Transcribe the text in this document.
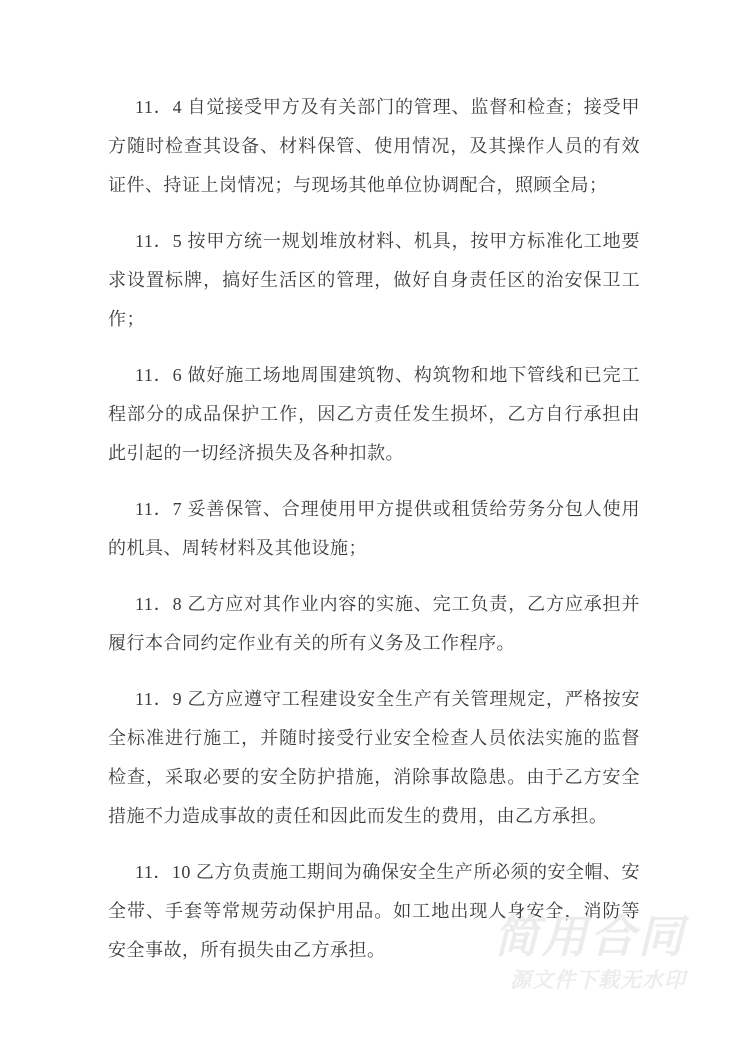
11．4 自觉接受甲方及有关部门的管理、监督和检查；接受甲方随时检查其设备、材料保管、使用情况，及其操作人员的有效证件、持证上岗情况；与现场其他单位协调配合，照顾全局；

11．5 按甲方统一规划堆放材料、机具，按甲方标准化工地要求设置标牌，搞好生活区的管理，做好自身责任区的治安保卫工作；

11．6 做好施工场地周围建筑物、构筑物和地下管线和已完工程部分的成品保护工作，因乙方责任发生损坏，乙方自行承担由此引起的一切经济损失及各种扣款。

11．7 妥善保管、合理使用甲方提供或租赁给劳务分包人使用的机具、周转材料及其他设施；

11．8 乙方应对其作业内容的实施、完工负责，乙方应承担并履行本合同约定作业有关的所有义务及工作程序。

11．9 乙方应遵守工程建设安全生产有关管理规定，严格按安全标准进行施工，并随时接受行业安全检查人员依法实施的监督检查，采取必要的安全防护措施，消除事故隐患。由于乙方安全措施不力造成事故的责任和因此而发生的费用，由乙方承担。

11．10 乙方负责施工期间为确保安全生产所必须的安全帽、安全带、手套等常规劳动保护用品。如工地出现人身安全，消防等安全事故，所有损失由乙方承担。	简用合同
源文件下载无水印
